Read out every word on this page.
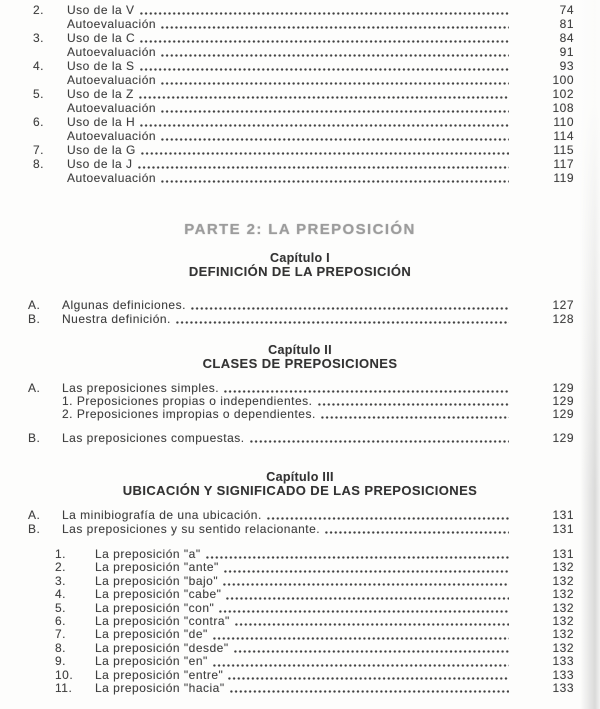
2.	Uso de la V	74
Autoevaluación	81
3.	Uso de la C	84
Autoevaluación	91
4.	Uso de la S	93
Autoevaluación	100
5.	Uso de la Z	102
Autoevaluación	108
6.	Uso de la H	110
Autoevaluación	114
7.	Uso de la G	115
8.	Uso de la J	117
Autoevaluación	119
PARTE 2: LA PREPOSICIÓN
Capítulo I
DEFINICIÓN DE LA PREPOSICIÓN
A.	Algunas definiciones.	127
B.	Nuestra definición.	128
Capítulo II
CLASES DE PREPOSICIONES
A.	Las preposiciones simples.	129
1. Preposiciones propias o independientes.	129
2. Preposiciones impropias o dependientes.	129
B.	Las preposiciones compuestas.	129
Capítulo III
UBICACIÓN Y SIGNIFICADO DE LAS PREPOSICIONES
A.	La minibiografía de una ubicación.	131
B.	Las preposiciones y su sentido relacionante.	131
1.	La preposición "a"	131
2.	La preposición "ante"	132
3.	La preposición "bajo"	132
4.	La preposición "cabe"	132
5.	La preposición "con"	132
6.	La preposición "contra"	132
7.	La preposición "de"	132
8.	La preposición "desde"	132
9.	La preposición "en"	133
10.	La preposición "entre"	133
11.	La preposición "hacia"	133
